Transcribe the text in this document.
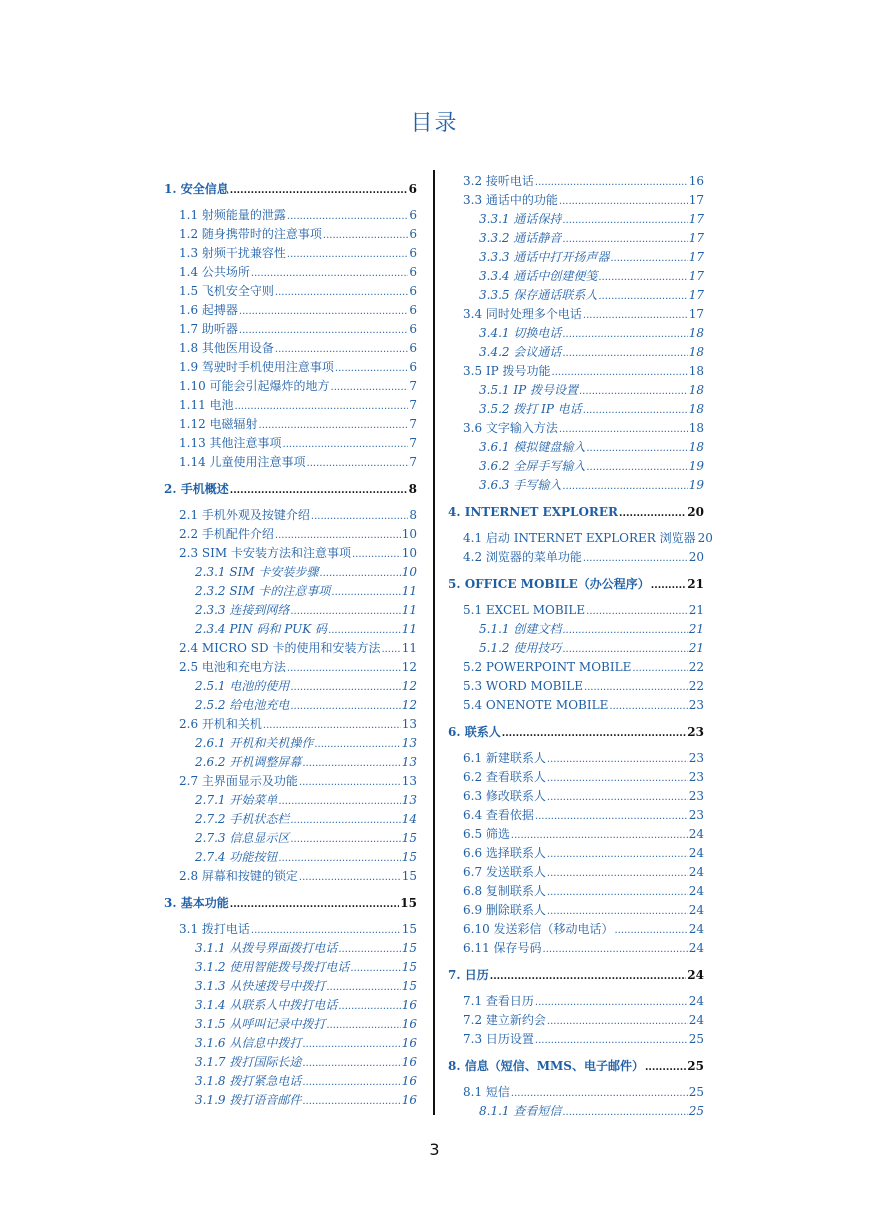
目录
1. 安全信息 .....	6
1.1 射频能量的泄露 .....	6
1.2 随身携带时的注意事项 .....	6
1.3 射频干扰兼容性 .....	6
1.4 公共场所 .....	6
1.5 飞机安全守则 .....	6
1.6 起搏器 .....	6
1.7 助听器 .....	6
1.8 其他医用设备 .....	6
1.9 驾驶时手机使用注意事项 .....	6
1.10 可能会引起爆炸的地方 .....	7
1.11 电池 .....	7
1.12 电磁辐射 .....	7
1.13 其他注意事项 .....	7
1.14 儿童使用注意事项 .....	7
2. 手机概述 .....	8
2.1 手机外观及按键介绍 .....	8
2.2 手机配件介绍 .....	10
2.3 SIM 卡安装方法和注意事项 .....	10
2.3.1 SIM 卡安装步骤 .....	10
2.3.2 SIM 卡的注意事项 .....	11
2.3.3 连接到网络 .....	11
2.3.4 PIN 码和 PUK 码 .....	11
2.4 MICRO SD 卡的使用和安装方法 ..... 11
2.5 电池和充电方法 .....	12
2.5.1 电池的使用 .....	12
2.5.2 给电池充电 .....	12
2.6 开机和关机 .....	13
2.6.1 开机和关机操作 .....	13
2.6.2 开机调整屏幕 .....	13
2.7 主界面显示及功能 .....	13
2.7.1 开始菜单 .....	13
2.7.2 手机状态栏 .....	14
2.7.3 信息显示区 .....	15
2.7.4 功能按钮 .....	15
2.8 屏幕和按键的锁定 .....	15
3. 基本功能 .....	15
3.1 拨打电话 .....	15
3.1.1 从拨号界面拨打电话 .....	15
3.1.2 使用智能拨号拨打电话 .....	15
3.1.3 从快速拨号中拨打 .....	15
3.1.4 从联系人中拨打电话 .....	16
3.1.5 从呼叫记录中拨打 .....	16
3.1.6 从信息中拨打 .....	16
3.1.7 拨打国际长途 .....	16
3.1.8 拨打紧急电话 .....	16
3.1.9 拨打语音邮件 .....	16
3.2 接听电话 .....	16
3.3 通话中的功能 .....	17
3.3.1 通话保持 .....	17
3.3.2 通话静音 .....	17
3.3.3 通话中打开扬声器 .....	17
3.3.4 通话中创建便笺 .....	17
3.3.5 保存通话联系人 .....	17
3.4 同时处理多个电话 .....	17
3.4.1 切换电话 .....	18
3.4.2 会议通话 .....	18
3.5 IP 拨号功能 .....	18
3.5.1 IP 拨号设置 .....	18
3.5.2 拨打 IP 电话 .....	18
3.6 文字输入方法 .....	18
3.6.1 模拟键盘输入 .....	18
3.6.2 全屏手写输入 .....	19
3.6.3 手写输入 .....	19
4. INTERNET EXPLORER .....	20
4.1 启动 INTERNET EXPLORER 浏览器 20
4.2 浏览器的菜单功能 .....	20
5. OFFICE MOBILE（办公程序） .....	21
5.1 EXCEL MOBILE .....	21
5.1.1 创建文档 .....	21
5.1.2 使用技巧 .....	21
5.2 POWERPOINT MOBILE .....	22
5.3 WORD MOBILE .....	22
5.4 ONENOTE MOBILE .....	23
6. 联系人 .....	23
6.1 新建联系人 .....	23
6.2 查看联系人 .....	23
6.3 修改联系人 .....	23
6.4 查看依据 .....	23
6.5 筛选 .....	24
6.6 选择联系人 .....	24
6.7 发送联系人 .....	24
6.8 复制联系人 .....	24
6.9 删除联系人 .....	24
6.10 发送彩信（移动电话） .....	24
6.11 保存号码 .....	24
7. 日历 .....	24
7.1 查看日历 .....	24
7.2 建立新约会 .....	24
7.3 日历设置 .....	25
8. 信息（短信、MMS、电子邮件） .....	25
8.1 短信 .....	25
8.1.1 查看短信 .....	25
3
